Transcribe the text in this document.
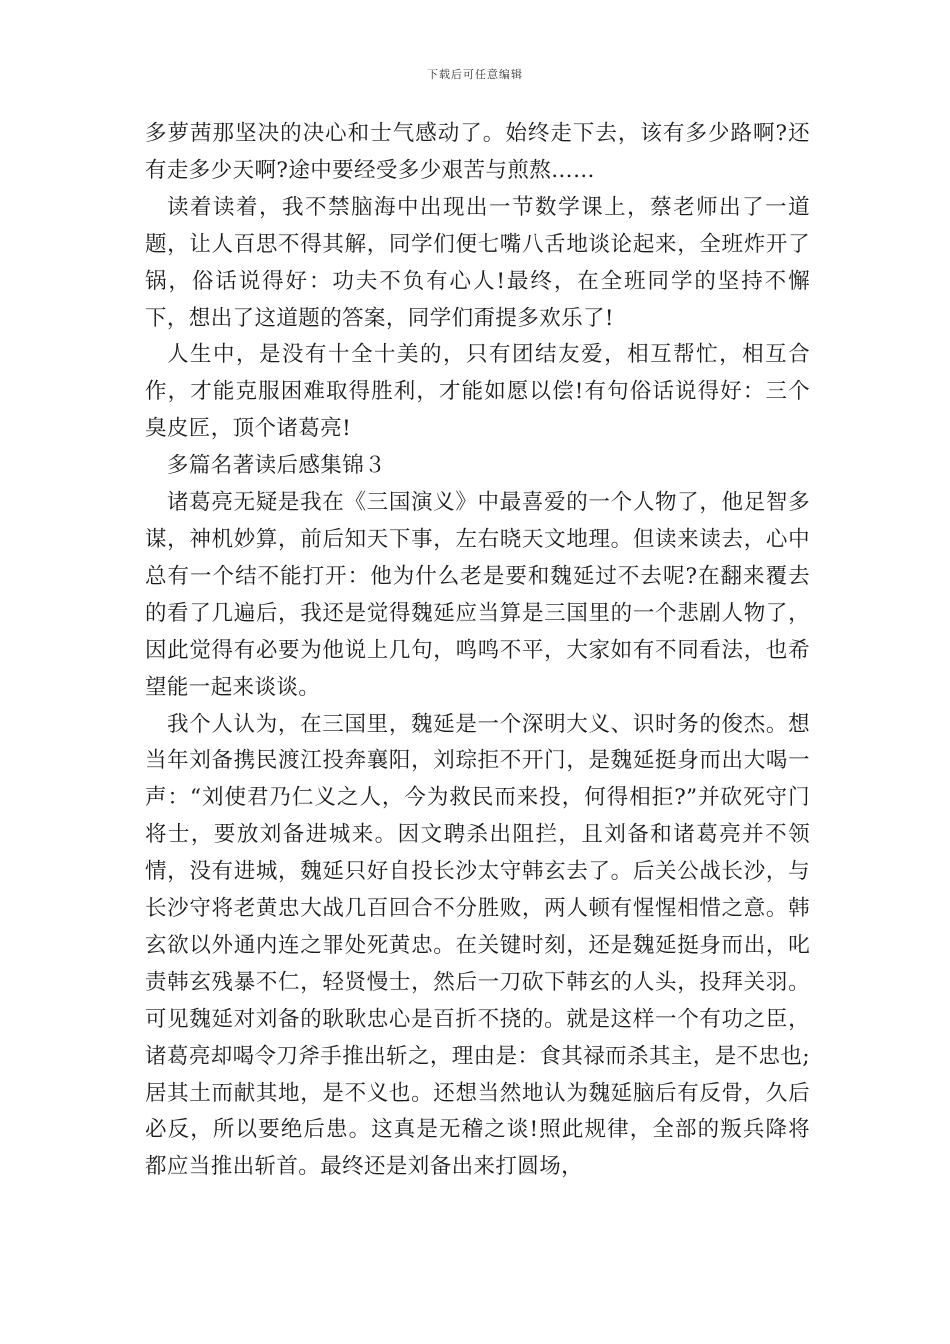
下载后可任意编辑

多萝茜那坚决的决心和士气感动了。始终走下去，该有多少路啊?还有走多少天啊?途中要经受多少艰苦与煎熬……

读着读着，我不禁脑海中出现出一节数学课上，蔡老师出了一道题，让人百思不得其解，同学们便七嘴八舌地谈论起来，全班炸开了锅，俗话说得好：功夫不负有心人!最终，在全班同学的坚持不懈下，想出了这道题的答案，同学们甭提多欢乐了!

人生中，是没有十全十美的，只有团结友爱，相互帮忙，相互合作，才能克服困难取得胜利，才能如愿以偿!有句俗话说得好：三个臭皮匠，顶个诸葛亮!

多篇名著读后感集锦３

诸葛亮无疑是我在《三国演义》中最喜爱的一个人物了，他足智多谋，神机妙算，前后知天下事，左右晓天文地理。但读来读去，心中总有一个结不能打开：他为什么老是要和魏延过不去呢?在翻来覆去的看了几遍后，我还是觉得魏延应当算是三国里的一个悲剧人物了，因此觉得有必要为他说上几句，鸣鸣不平，大家如有不同看法，也希望能一起来谈谈。

我个人认为，在三国里，魏延是一个深明大义、识时务的俊杰。想当年刘备携民渡江投奔襄阳，刘琮拒不开门，是魏延挺身而出大喝一声：“刘使君乃仁义之人，今为救民而来投，何得相拒?”并砍死守门将士，要放刘备进城来。因文聘杀出阻拦，且刘备和诸葛亮并不领情，没有进城，魏延只好自投长沙太守韩玄去了。后关公战长沙，与长沙守将老黄忠大战几百回合不分胜败，两人顿有惺惺相惜之意。韩玄欲以外通内连之罪处死黄忠。在关键时刻，还是魏延挺身而出，叱责韩玄残暴不仁，轻贤慢士，然后一刀砍下韩玄的人头，投拜关羽。可见魏延对刘备的耿耿忠心是百折不挠的。就是这样一个有功之臣，诸葛亮却喝令刀斧手推出斩之，理由是：食其禄而杀其主，是不忠也;居其土而献其地，是不义也。还想当然地认为魏延脑后有反骨，久后必反，所以要绝后患。这真是无稽之谈!照此规律，全部的叛兵降将都应当推出斩首。最终还是刘备出来打圆场，
